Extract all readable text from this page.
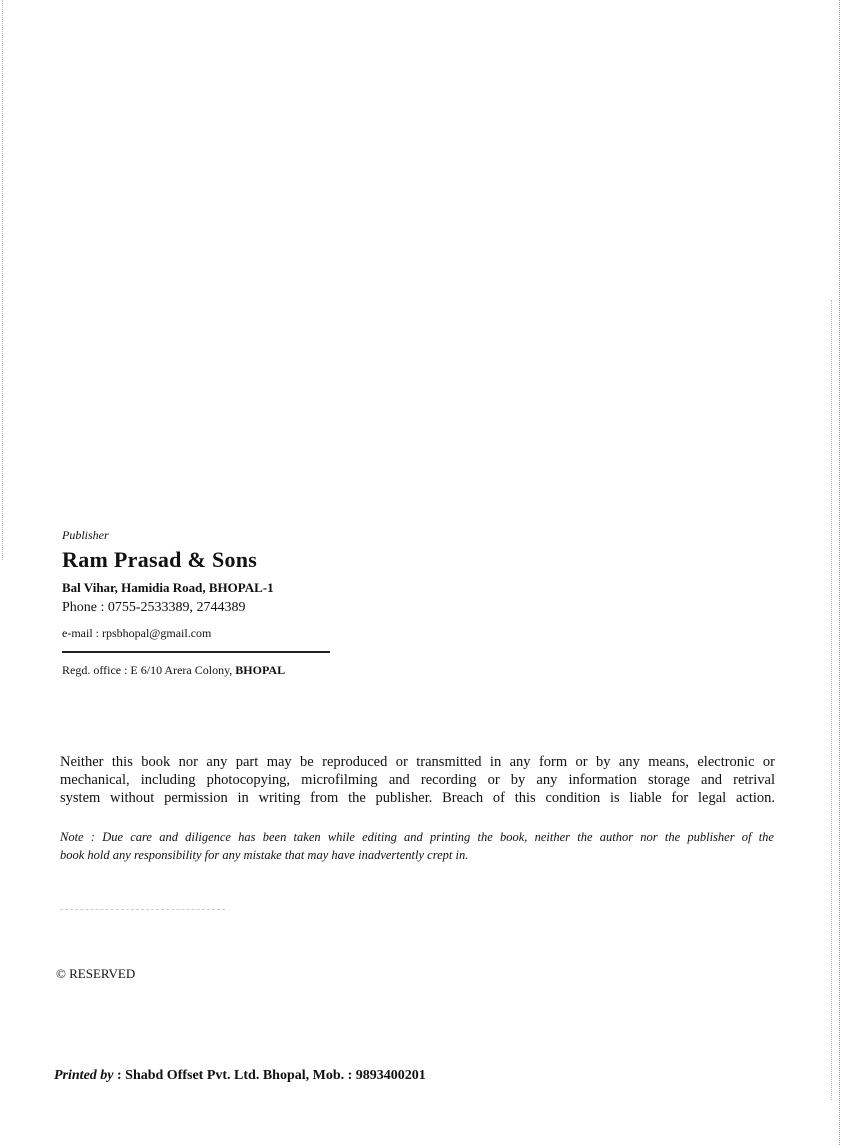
Publisher
Ram Prasad & Sons
Bal Vihar, Hamidia Road, BHOPAL-1
Phone : 0755-2533389, 2744389
e-mail : rpsbhopal@gmail.com
Regd. office : E 6/10 Arera Colony, BHOPAL
Neither this book nor any part may be reproduced or transmitted in any form or by any means, electronic or
mechanical, including photocopying, microfilming and recording or by any information storage and retrival
system without permission in writing from the publisher. Breach of this condition is liable for legal action.
Note : Due care and diligence has been taken while editing and printing the book, neither the author nor the publisher of the
book hold any responsibility for any mistake that may have inadvertently crept in.
© RESERVED
Printed by : Shabd Offset Pvt. Ltd. Bhopal, Mob. : 9893400201
